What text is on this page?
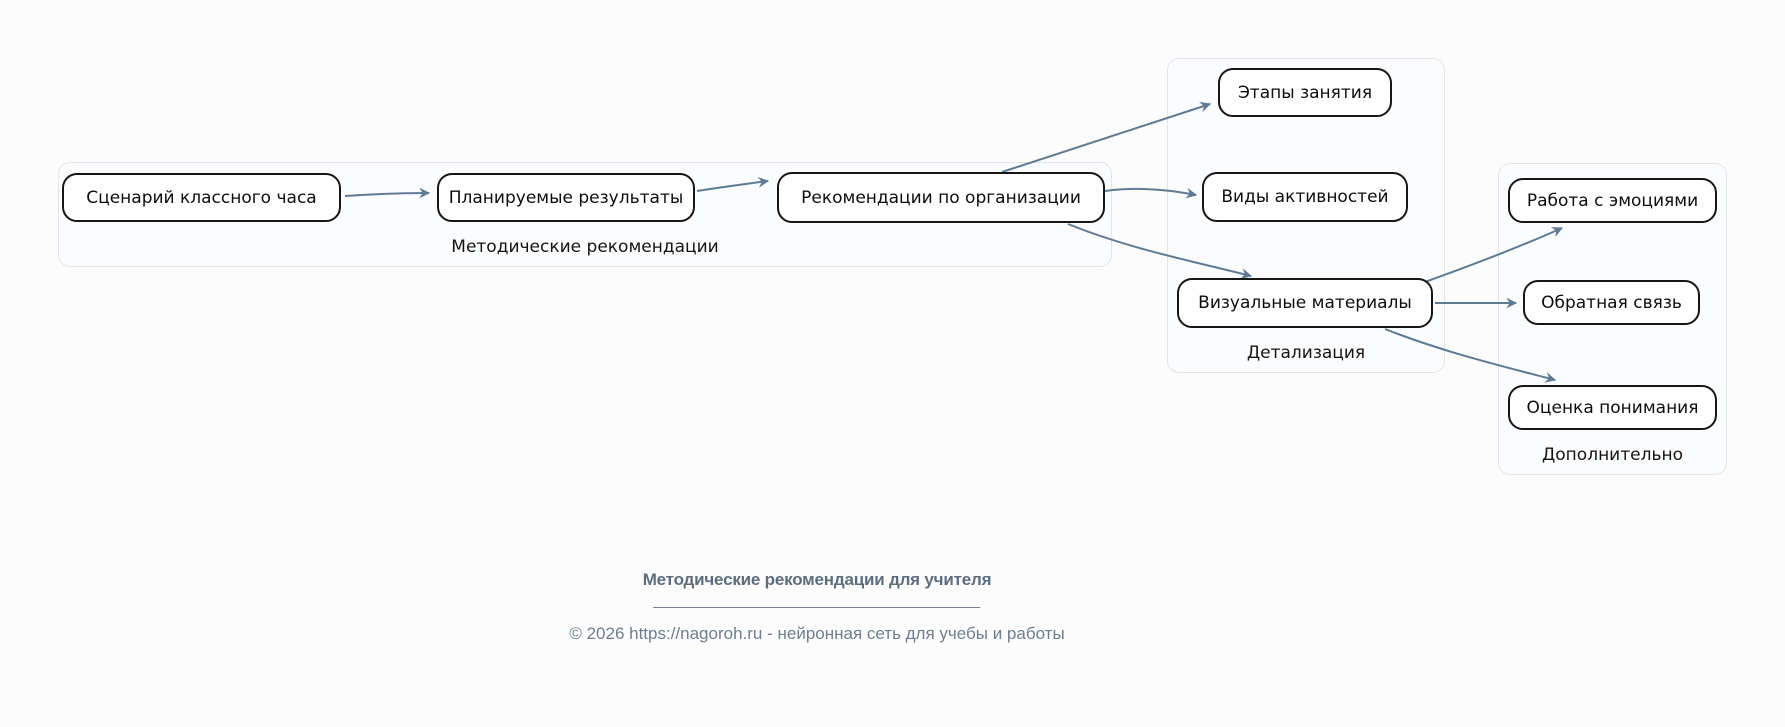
Методические рекомендации
Детализация
Дополнительно
Сценарий классного часа	Планируемые результаты	Рекомендации по организации
Этапы занятия
Виды активностей
Визуальные материалы
Работа с эмоциями
Обратная связь
Оценка понимания
Методические рекомендации для учителя
© 2026 https://nagoroh.ru - нейронная сеть для учебы и работы
